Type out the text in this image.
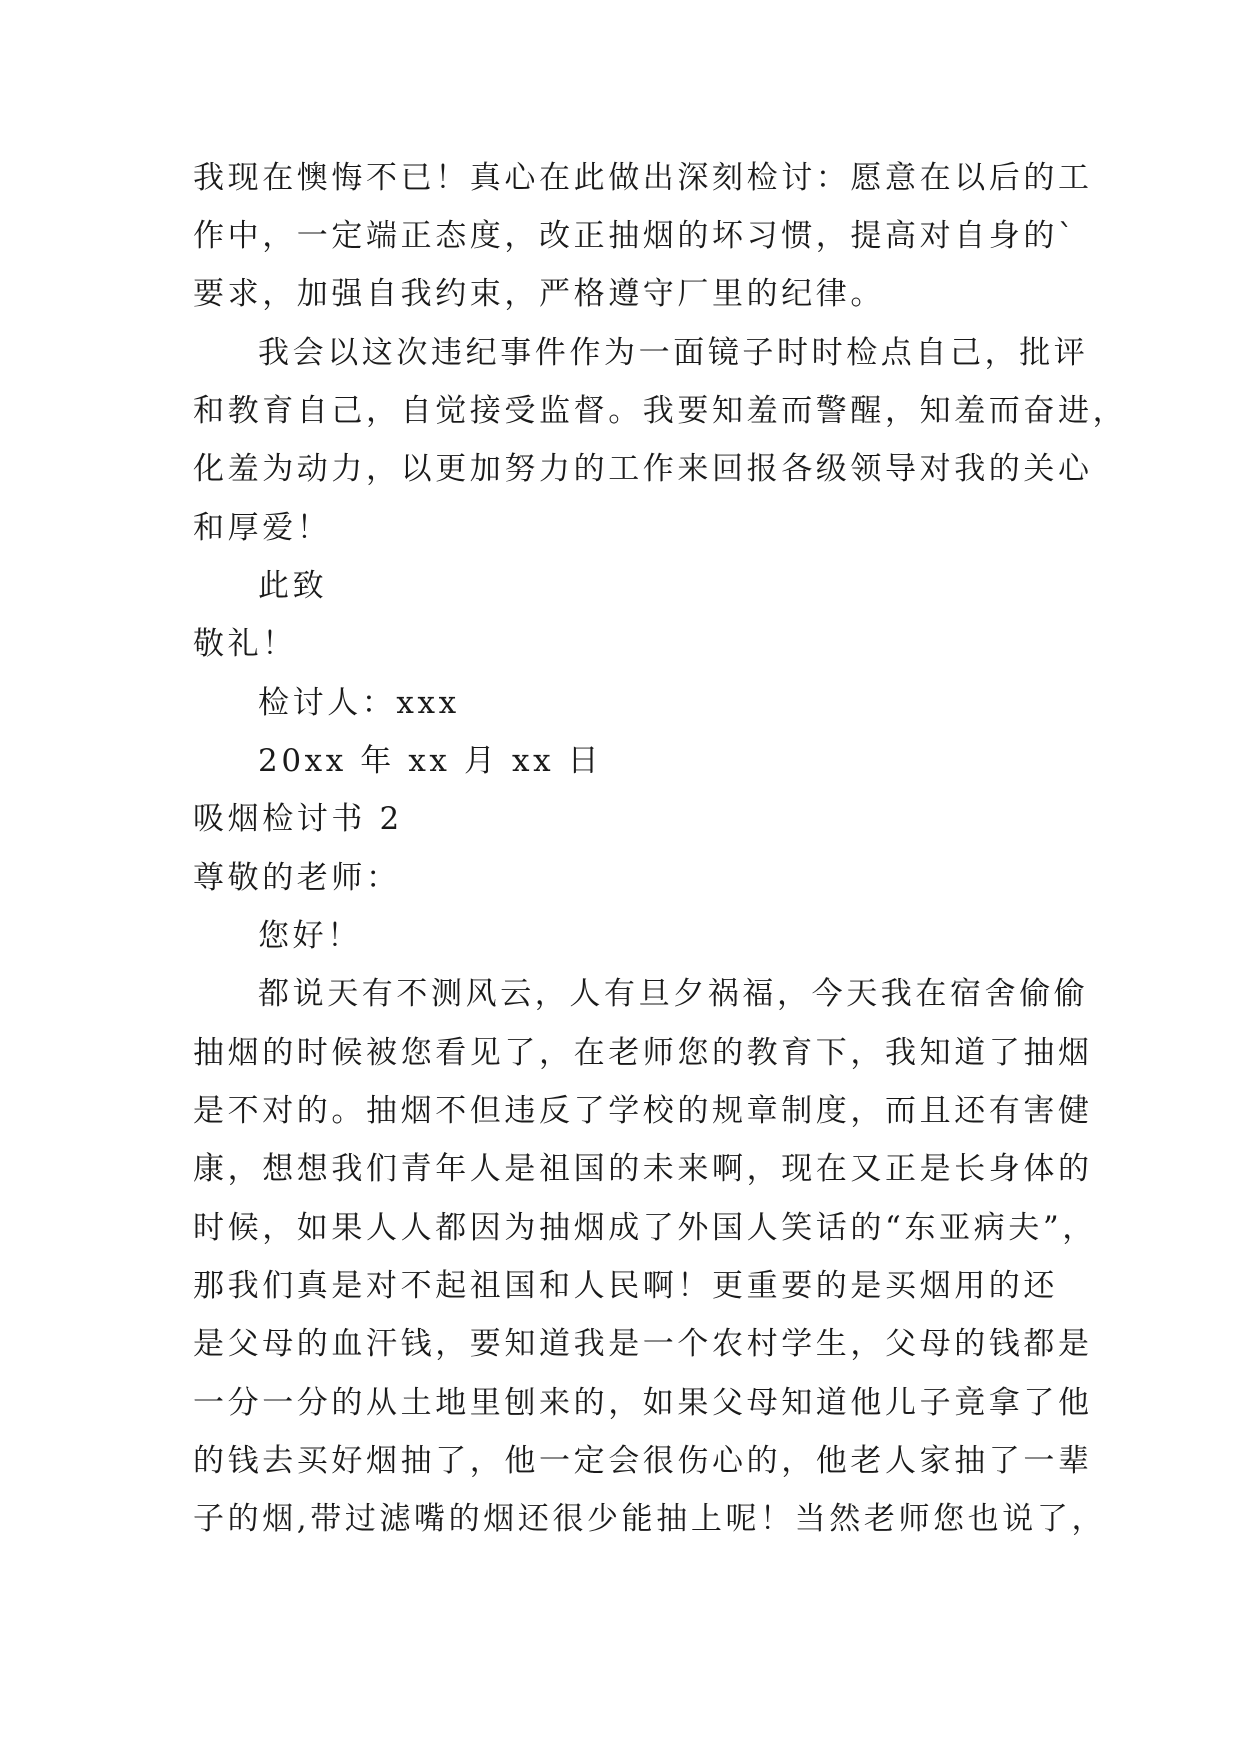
我现在懊悔不已！真心在此做出深刻检讨：愿意在以后的工
作中，一定端正态度，改正抽烟的坏习惯，提高对自身的`
要求，加强自我约束，严格遵守厂里的纪律。
我会以这次违纪事件作为一面镜子时时检点自己，批评
和教育自己，自觉接受监督。我要知羞而警醒，知羞而奋进，
化羞为动力，以更加努力的工作来回报各级领导对我的关心
和厚爱！
此致
敬礼！
检讨人：xxx
20xx 年 xx 月 xx 日
吸烟检讨书 2
尊敬的老师：
您好！
都说天有不测风云，人有旦夕祸福，今天我在宿舍偷偷
抽烟的时候被您看见了，在老师您的教育下，我知道了抽烟
是不对的。抽烟不但违反了学校的规章制度，而且还有害健
康，想想我们青年人是祖国的未来啊，现在又正是长身体的
时候，如果人人都因为抽烟成了外国人笑话的“东亚病夫”，
那我们真是对不起祖国和人民啊！更重要的是买烟用的还
是父母的血汗钱，要知道我是一个农村学生，父母的钱都是
一分一分的从土地里刨来的，如果父母知道他儿子竟拿了他
的钱去买好烟抽了，他一定会很伤心的，他老人家抽了一辈
子的烟,带过滤嘴的烟还很少能抽上呢！当然老师您也说了，
